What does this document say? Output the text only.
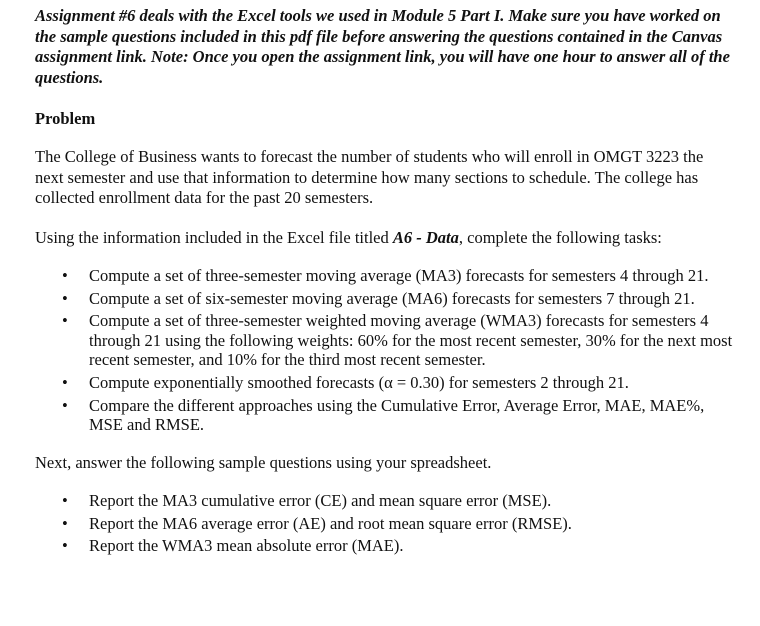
Assignment #6 deals with the Excel tools we used in Module 5 Part I. Make sure you have worked on the sample questions included in this pdf file before answering the questions contained in the Canvas assignment link. Note: Once you open the assignment link, you will have one hour to answer all of the questions.

Problem

The College of Business wants to forecast the number of students who will enroll in OMGT 3223 the next semester and use that information to determine how many sections to schedule. The college has collected enrollment data for the past 20 semesters.

Using the information included in the Excel file titled A6 - Data, complete the following tasks:

• Compute a set of three-semester moving average (MA3) forecasts for semesters 4 through 21.
• Compute a set of six-semester moving average (MA6) forecasts for semesters 7 through 21.
• Compute a set of three-semester weighted moving average (WMA3) forecasts for semesters 4 through 21 using the following weights: 60% for the most recent semester, 30% for the next most recent semester, and 10% for the third most recent semester.
• Compute exponentially smoothed forecasts (α = 0.30) for semesters 2 through 21.
• Compare the different approaches using the Cumulative Error, Average Error, MAE, MAE%, MSE and RMSE.

Next, answer the following sample questions using your spreadsheet.

• Report the MA3 cumulative error (CE) and mean square error (MSE).
• Report the MA6 average error (AE) and root mean square error (RMSE).
• Report the WMA3 mean absolute error (MAE).
